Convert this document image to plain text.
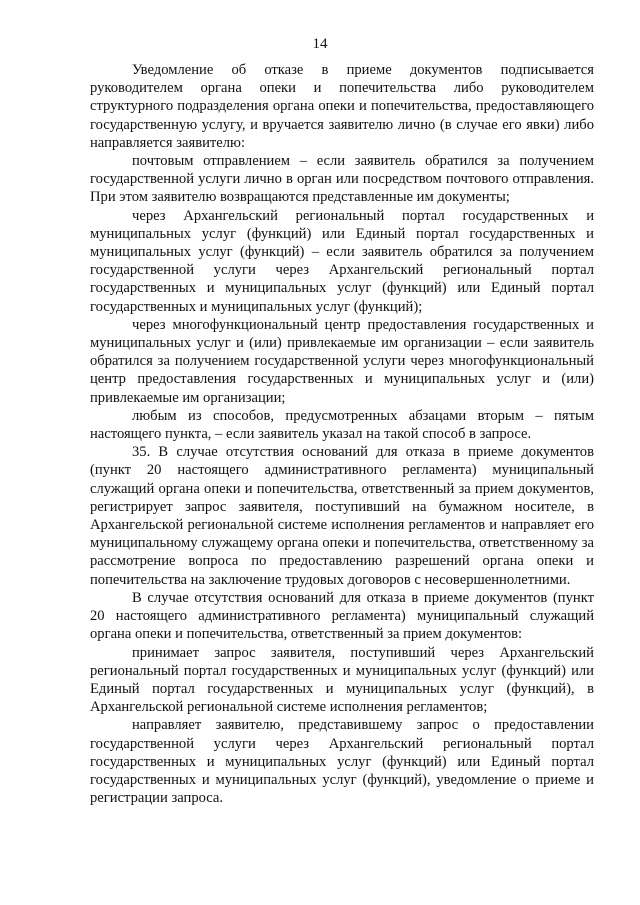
14

Уведомление об отказе в приеме документов подписывается руководителем органа опеки и попечительства либо руководителем структурного подразделения органа опеки и попечительства, предоставляющего государственную услугу, и вручается заявителю лично (в случае его явки) либо направляется заявителю:

почтовым отправлением – если заявитель обратился за получением государственной услуги лично в орган или посредством почтового отправления. При этом заявителю возвращаются представленные им документы;

через Архангельский региональный портал государственных и муниципальных услуг (функций) или Единый портал государственных и муниципальных услуг (функций) – если заявитель обратился за получением государственной услуги через Архангельский региональный портал государственных и муниципальных услуг (функций) или Единый портал государственных и муниципальных услуг (функций);

через многофункциональный центр предоставления государственных и муниципальных услуг и (или) привлекаемые им организации – если заявитель обратился за получением государственной услуги через многофункциональный центр предоставления государственных и муниципальных услуг и (или) привлекаемые им организации;

любым из способов, предусмотренных абзацами вторым – пятым настоящего пункта, – если заявитель указал на такой способ в запросе.

35. В случае отсутствия оснований для отказа в приеме документов (пункт 20 настоящего административного регламента) муниципальный служащий органа опеки и попечительства, ответственный за прием документов, регистрирует запрос заявителя, поступивший на бумажном носителе, в Архангельской региональной системе исполнения регламентов и направляет его муниципальному служащему органа опеки и попечительства, ответственному за рассмотрение вопроса по предоставлению разрешений органа опеки и попечительства на заключение трудовых договоров с несовершеннолетними.

В случае отсутствия оснований для отказа в приеме документов (пункт 20 настоящего административного регламента) муниципальный служащий органа опеки и попечительства, ответственный за прием документов:

принимает запрос заявителя, поступивший через Архангельский региональный портал государственных и муниципальных услуг (функций) или Единый портал государственных и муниципальных услуг (функций), в Архангельской региональной системе исполнения регламентов;

направляет заявителю, представившему запрос о предоставлении государственной услуги через Архангельский региональный портал государственных и муниципальных услуг (функций) или Единый портал государственных и муниципальных услуг (функций), уведомление о приеме и регистрации запроса.
